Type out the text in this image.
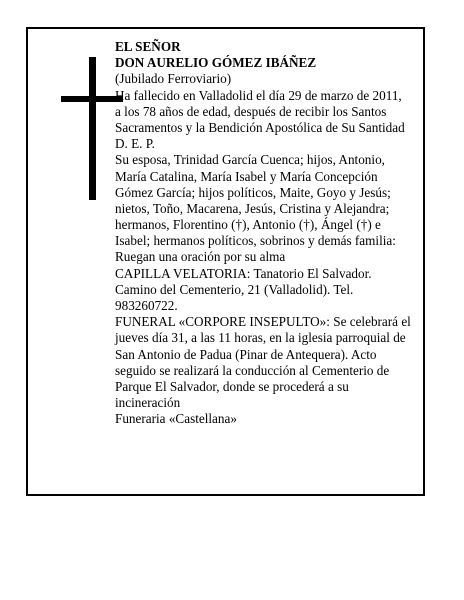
EL SEÑOR
DON AURELIO GÓMEZ IBÁÑEZ
(Jubilado Ferroviario)
Ha fallecido en Valladolid el día 29 de marzo de 2011,
a los 78 años de edad, después de recibir los Santos
Sacramentos y la Bendición Apostólica de Su Santidad
D. E. P.
Su esposa, Trinidad García Cuenca; hijos, Antonio,
María Catalina, María Isabel y María Concepción
Gómez García; hijos políticos, Maite, Goyo y Jesús;
nietos, Toño, Macarena, Jesús, Cristina y Alejandra;
hermanos, Florentino (†), Antonio (†), Ángel (†) e
Isabel; hermanos políticos, sobrinos y demás familia:
Ruegan una oración por su alma
CAPILLA VELATORIA: Tanatorio El Salvador.
Camino del Cementerio, 21 (Valladolid). Tel.
983260722.
FUNERAL «CORPORE INSEPULTO»: Se celebrará el
jueves día 31, a las 11 horas, en la iglesia parroquial de
San Antonio de Padua (Pinar de Antequera). Acto
seguido se realizará la conducción al Cementerio de
Parque El Salvador, donde se procederá a su
incineración
Funeraria «Castellana»
